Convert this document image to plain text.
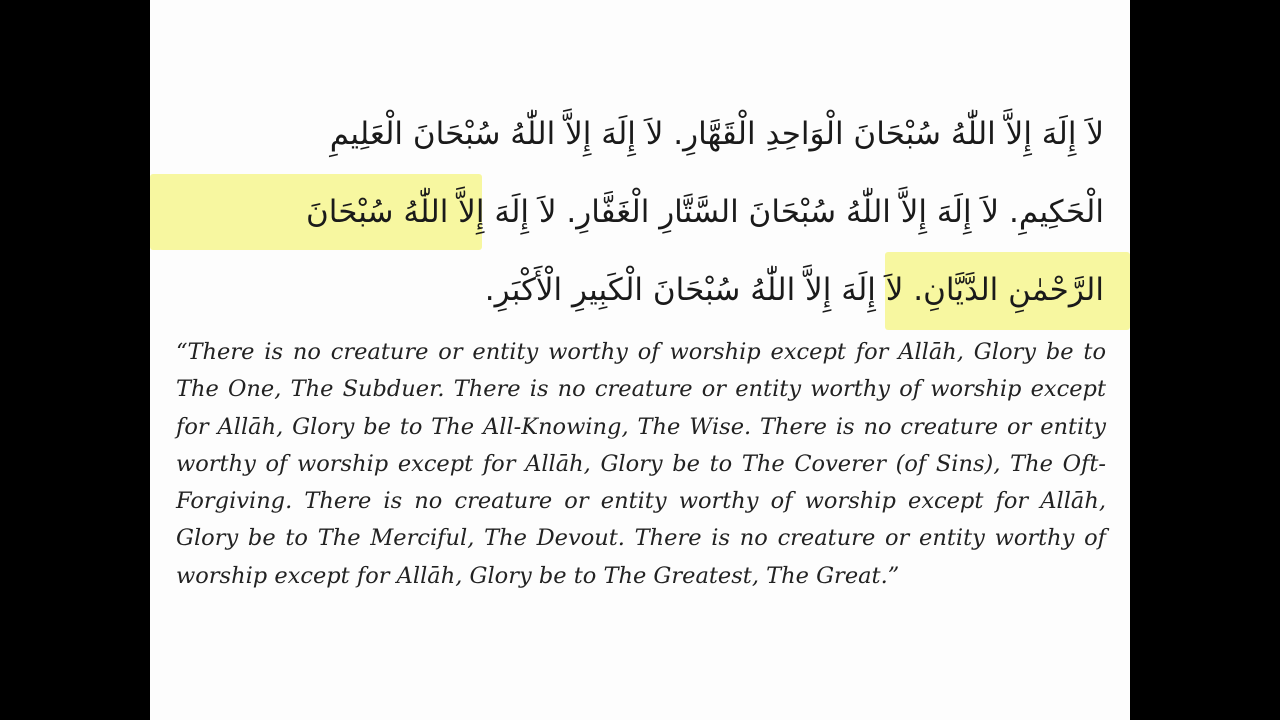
لاَ إِلَهَ إِلاَّ اللّٰهُ سُبْحَانَ الْوَاحِدِ الْقَهَّارِ. لاَ إِلَهَ إِلاَّ اللّٰهُ سُبْحَانَ الْعَلِيمِ
الْحَكِيمِ. لاَ إِلَهَ إِلاَّ اللّٰهُ سُبْحَانَ السَّتَّارِ الْغَفَّارِ. لاَ إِلَهَ إِلاَّ اللّٰهُ سُبْحَانَ
الرَّحْمٰنِ الدَّيَّانِ. لاَ إِلَهَ إِلاَّ اللّٰهُ سُبْحَانَ الْكَبِيرِ الْأَكْبَرِ.

“There is no creature or entity worthy of worship except for Allāh, Glory be to The One, The Subduer. There is no creature or entity worthy of worship except for Allāh, Glory be to The All-Knowing, The Wise. There is no creature or entity worthy of worship except for Allāh, Glory be to The Coverer (of Sins), The Oft-Forgiving. There is no creature or entity worthy of worship except for Allāh, Glory be to The Merciful, The Devout. There is no creature or entity worthy of worship except for Allāh, Glory be to The Greatest, The Great.”
